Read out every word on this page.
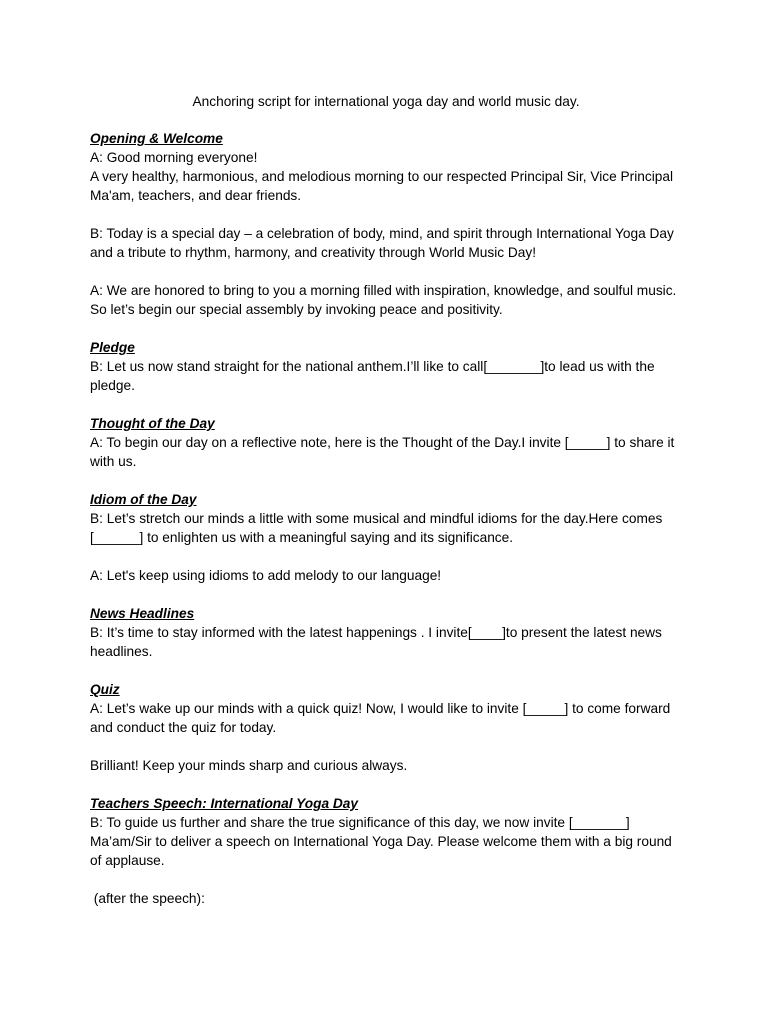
Anchoring script for international yoga day and world music day.
Opening & Welcome
A: Good morning everyone!
A very healthy, harmonious, and melodious morning to our respected Principal Sir, Vice Principal Ma'am, teachers, and dear friends.
B: Today is a special day – a celebration of body, mind, and spirit through International Yoga Day and a tribute to rhythm, harmony, and creativity through World Music Day!
A: We are honored to bring to you a morning filled with inspiration, knowledge, and soulful music. So let’s begin our special assembly by invoking peace and positivity.
Pledge
B: Let us now stand straight for the national anthem.I’ll like to call[_______]to lead us with the pledge.
Thought of the Day
A: To begin our day on a reflective note, here is the Thought of the Day.I invite [_____] to share it with us.
Idiom of the Day
B: Let’s stretch our minds a little with some musical and mindful idioms for the day.Here comes [______] to enlighten us with a meaningful saying and its significance.
A: Let's keep using idioms to add melody to our language!
News Headlines
B: It’s time to stay informed with the latest happenings . I invite[____]to present the latest news headlines.
Quiz
A: Let’s wake up our minds with a quick quiz! Now, I would like to invite [_____] to come forward and conduct the quiz for today.
Brilliant! Keep your minds sharp and curious always.
Teachers Speech: International Yoga Day
B: To guide us further and share the true significance of this day, we now invite [_______] Ma’am/Sir to deliver a speech on International Yoga Day. Please welcome them with a big round of applause.
(after the speech):
